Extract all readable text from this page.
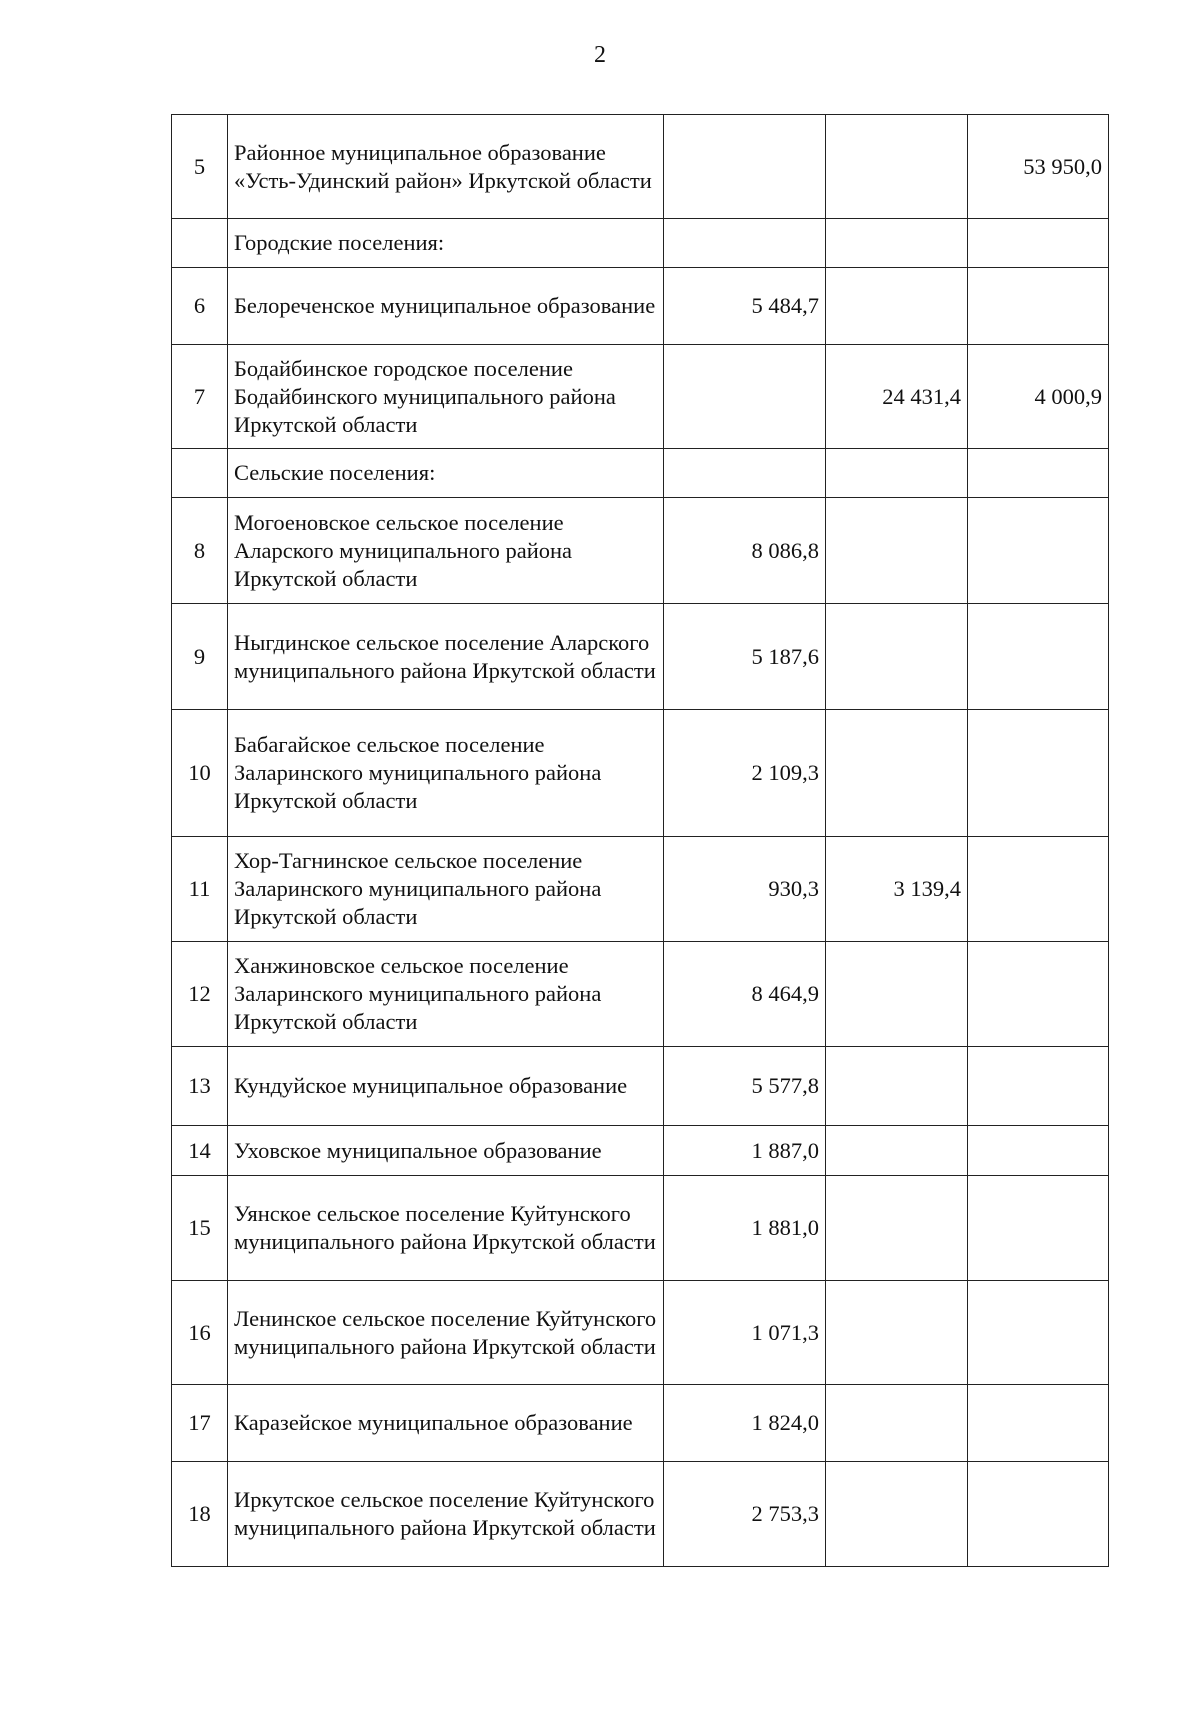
2
5	Районное муниципальное образование «Усть-Удинский район» Иркутской области			53 950,0
	Городские поселения:			
6	Белореченское муниципальное образование	5 484,7		
7	Бодайбинское городское поселение Бодайбинского муниципального района Иркутской области		24 431,4	4 000,9
	Сельские поселения:			
8	Могоеновское сельское поселение Аларского муниципального района Иркутской области	8 086,8		
9	Ныгдинское сельское поселение Аларского муниципального района Иркутской области	5 187,6		
10	Бабагайское сельское поселение Заларинского муниципального района Иркутской области	2 109,3		
11	Хор-Тагнинское сельское поселение Заларинского муниципального района Иркутской области	930,3	3 139,4	
12	Ханжиновское сельское поселение Заларинского муниципального района Иркутской области	8 464,9		
13	Кундуйское муниципальное образование	5 577,8		
14	Уховское муниципальное образование	1 887,0		
15	Уянское сельское поселение Куйтунского муниципального района Иркутской области	1 881,0		
16	Ленинское сельское поселение Куйтунского муниципального района Иркутской области	1 071,3		
17	Каразейское муниципальное образование	1 824,0		
18	Иркутское сельское поселение Куйтунского муниципального района Иркутской области	2 753,3		
